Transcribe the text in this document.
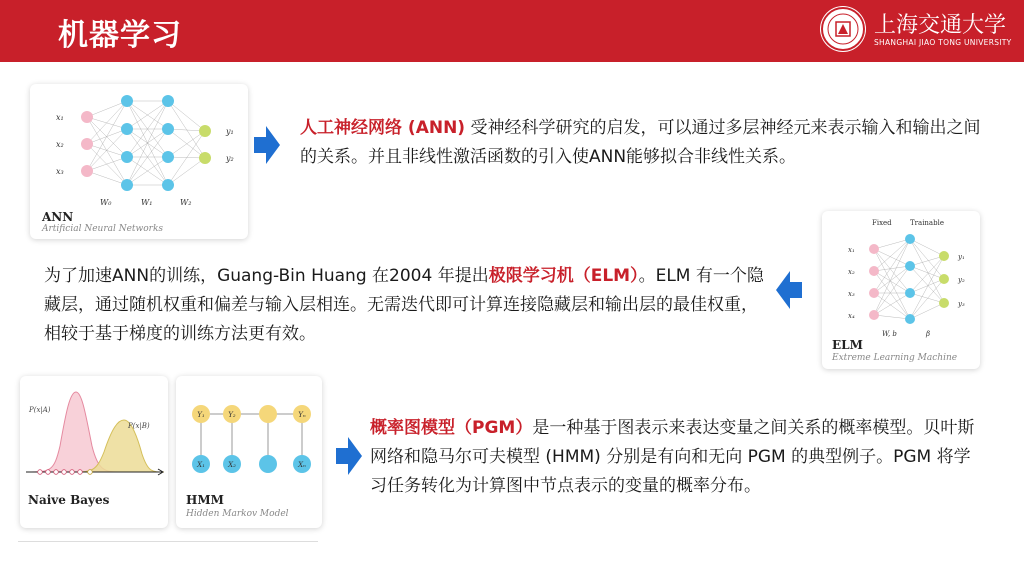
机器学习	上海交通大学
SHANGHAI JIAO TONG UNIVERSITY
x₁
x₂
x₃
y₁
y₂
W₀	W₁	W₂
ANN
Artificial Neural Networks
人工神经网络 (ANN) 受神经科学研究的启发，可以通过多层神经元来表示输入和输出之间的关系。并且非线性激活函数的引入使ANN能够拟合非线性关系。
Fixed	Trainable
x₁
x₂
x₃
x₄
y₁
y₂
y₃
W, b	β
ELM
Extreme Learning Machine
为了加速ANN的训练，Guang-Bin Huang 在2004 年提出极限学习机（ELM）。ELM 有一个隐藏层，通过随机权重和偏差与输入层相连。无需迭代即可计算连接隐藏层和输出层的最佳权重，相较于基于梯度的训练方法更有效。
P(x|A)
P(x|B)
Naive Bayes
Y₁	Y₂	Yₙ
X₁	X₂	Xₙ
HMM
Hidden Markov Model
概率图模型（PGM）是一种基于图表示来表达变量之间关系的概率模型。贝叶斯网络和隐马尔可夫模型 (HMM) 分别是有向和无向 PGM 的典型例子。PGM 将学习任务转化为计算图中节点表示的变量的概率分布。
